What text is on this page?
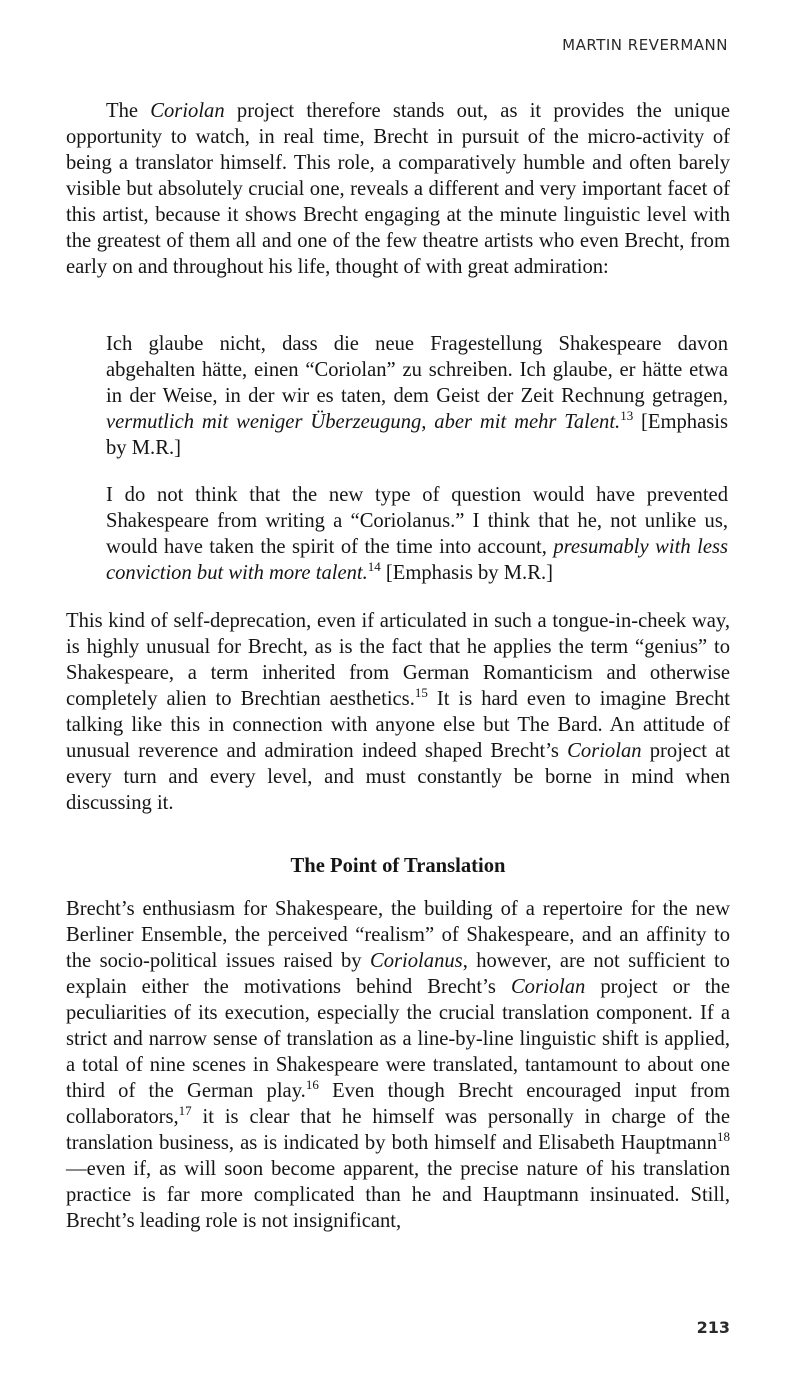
MARTIN REVERMANN

The Coriolan project therefore stands out, as it provides the unique opportunity to watch, in real time, Brecht in pursuit of the micro-activity of being a translator himself. This role, a comparatively humble and often barely visible but absolutely crucial one, reveals a different and very important facet of this artist, because it shows Brecht engaging at the minute linguistic level with the greatest of them all and one of the few theatre artists who even Brecht, from early on and throughout his life, thought of with great admiration:

Ich glaube nicht, dass die neue Fragestellung Shakespeare davon abgehalten hätte, einen “Coriolan” zu schreiben. Ich glaube, er hätte etwa in der Weise, in der wir es taten, dem Geist der Zeit Rechnung getragen, vermutlich mit weniger Überzeugung, aber mit mehr Talent.$^{13}$ [Emphasis by M.R.]

I do not think that the new type of question would have prevented Shakespeare from writing a “Coriolanus.” I think that he, not unlike us, would have taken the spirit of the time into account, presumably with less conviction but with more talent.$^{14}$ [Emphasis by M.R.]

This kind of self-deprecation, even if articulated in such a tongue-in-cheek way, is highly unusual for Brecht, as is the fact that he applies the term “genius” to Shakespeare, a term inherited from German Romanticism and otherwise completely alien to Brechtian aesthetics.$^{15}$ It is hard even to imagine Brecht talking like this in connection with anyone else but The Bard. An attitude of unusual reverence and admiration indeed shaped Brecht’s Coriolan project at every turn and every level, and must constantly be borne in mind when discussing it.

The Point of Translation

Brecht’s enthusiasm for Shakespeare, the building of a repertoire for the new Berliner Ensemble, the perceived “realism” of Shakespeare, and an affinity to the socio-political issues raised by Coriolanus, however, are not sufficient to explain either the motivations behind Brecht’s Coriolan project or the peculiarities of its execution, especially the crucial translation component. If a strict and narrow sense of translation as a line-by-line linguistic shift is applied, a total of nine scenes in Shakespeare were translated, tantamount to about one third of the German play.$^{16}$ Even though Brecht encouraged input from collaborators,$^{17}$ it is clear that he himself was personally in charge of the translation business, as is indicated by both himself and Elisabeth Hauptmann$^{18}$—even if, as will soon become apparent, the precise nature of his translation practice is far more complicated than he and Hauptmann insinuated. Still, Brecht’s leading role is not insignificant,

213
